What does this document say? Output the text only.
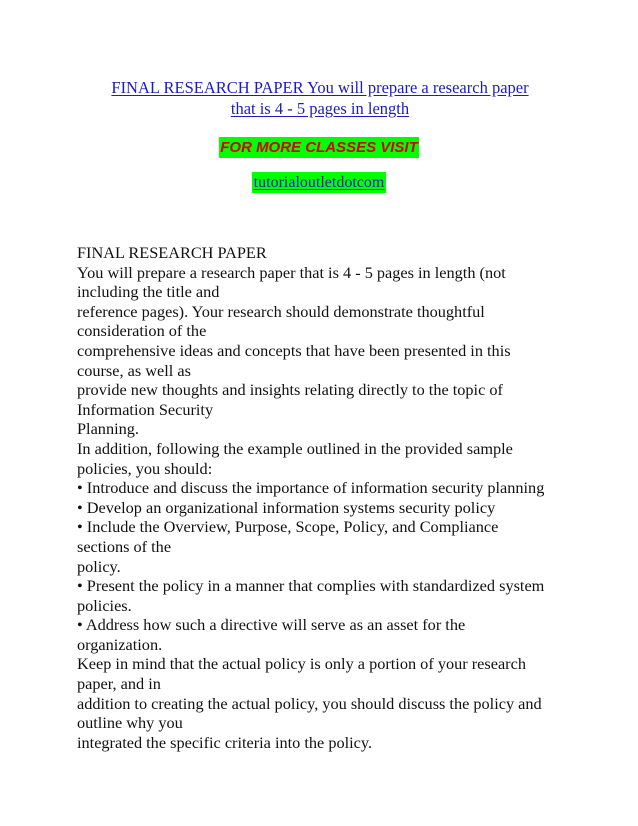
FINAL RESEARCH PAPER You will prepare a research paper
that is 4 - 5 pages in length
FOR MORE CLASSES VISIT
tutorialoutletdotcom
FINAL RESEARCH PAPER
You will prepare a research paper that is 4 - 5 pages in length (not
including the title and
reference pages). Your research should demonstrate thoughtful
consideration of the
comprehensive ideas and concepts that have been presented in this
course, as well as
provide new thoughts and insights relating directly to the topic of
Information Security
Planning.
In addition, following the example outlined in the provided sample
policies, you should:
• Introduce and discuss the importance of information security planning
• Develop an organizational information systems security policy
• Include the Overview, Purpose, Scope, Policy, and Compliance
sections of the
policy.
• Present the policy in a manner that complies with standardized system
policies.
• Address how such a directive will serve as an asset for the
organization.
Keep in mind that the actual policy is only a portion of your research
paper, and in
addition to creating the actual policy, you should discuss the policy and
outline why you
integrated the specific criteria into the policy.
